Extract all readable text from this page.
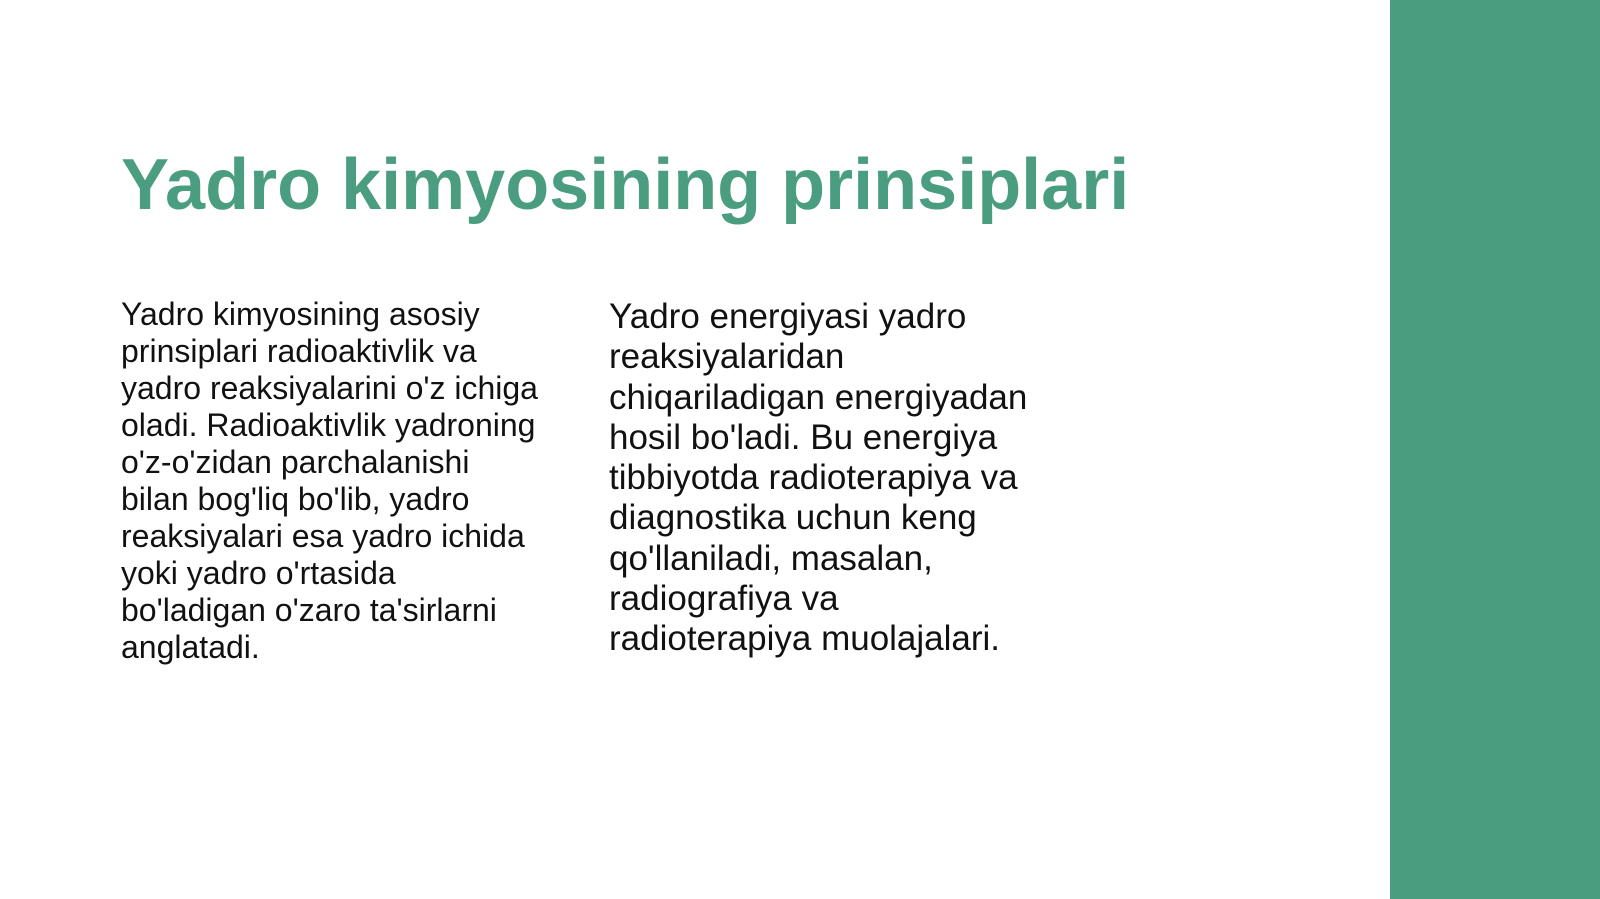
Yadro kimyosining prinsiplari

Yadro kimyosining asosiy prinsiplari radioaktivlik va yadro reaksiyalarini o'z ichiga oladi. Radioaktivlik yadroning o'z-o'zidan parchalanishi bilan bog'liq bo'lib, yadro reaksiyalari esa yadro ichida yoki yadro o'rtasida bo'ladigan o'zaro ta'sirlarni anglatadi.

Yadro energiyasi yadro reaksiyalaridan chiqariladigan energiyadan hosil bo'ladi. Bu energiya tibbiyotda radioterapiya va diagnostika uchun keng qo'llaniladi, masalan, radiografiya va radioterapiya muolajalari.
